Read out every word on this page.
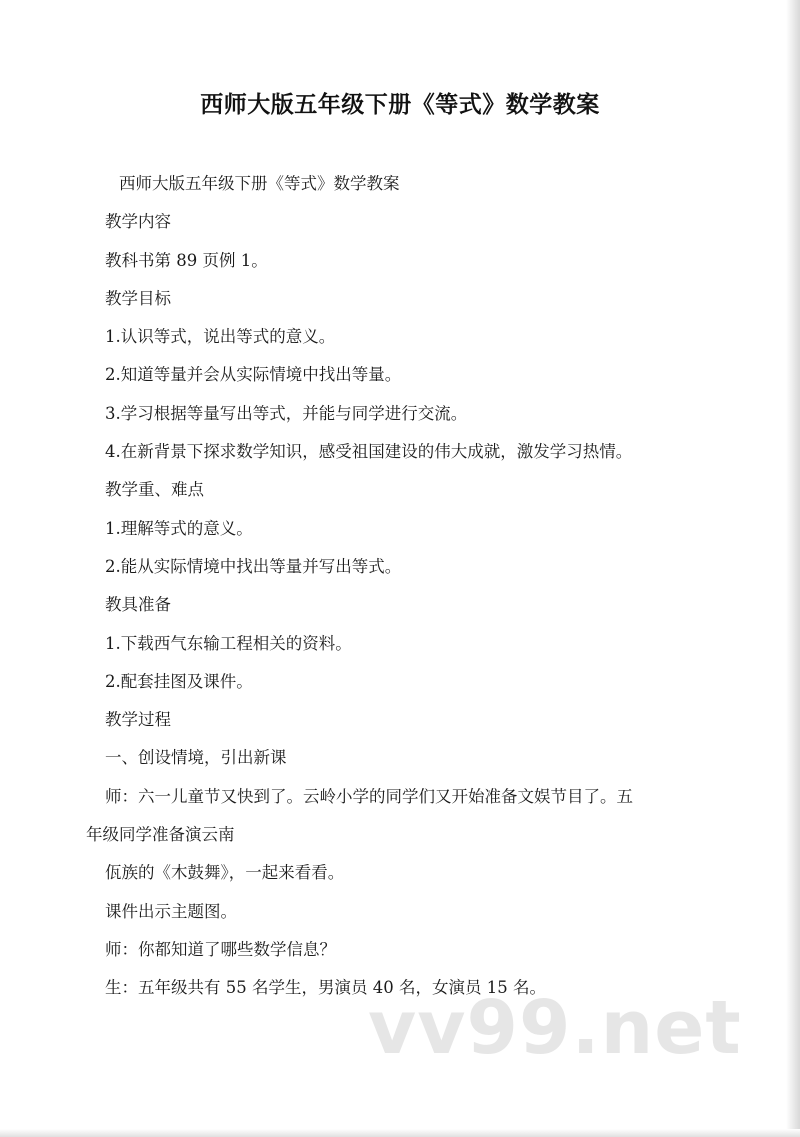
西师大版五年级下册《等式》数学教案

西师大版五年级下册《等式》数学教案

教学内容

教科书第 89 页例 1。

教学目标

1.认识等式，说出等式的意义。

2.知道等量并会从实际情境中找出等量。

3.学习根据等量写出等式，并能与同学进行交流。

4.在新背景下探求数学知识，感受祖国建设的伟大成就，激发学习热情。

教学重、难点

1.理解等式的意义。

2.能从实际情境中找出等量并写出等式。

教具准备

1.下载西气东输工程相关的资料。

2.配套挂图及课件。

教学过程

一、创设情境，引出新课

师：六一儿童节又快到了。云岭小学的同学们又开始准备文娱节目了。五

年级同学准备演云南

佤族的《木鼓舞》，一起来看看。

课件出示主题图。

师：你都知道了哪些数学信息？

生：五年级共有 55 名学生，男演员 40 名，女演员 15 名。

vv99.net
